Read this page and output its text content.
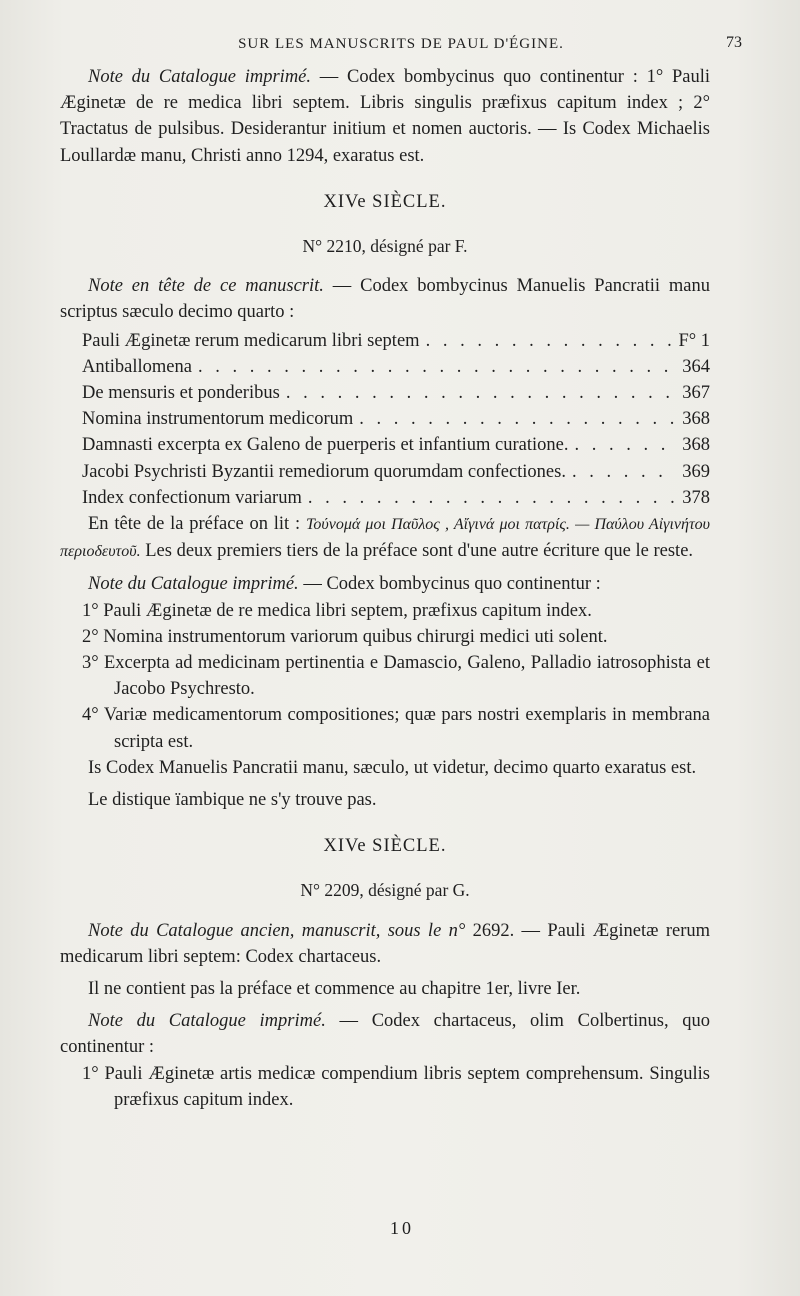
SUR LES MANUSCRITS DE PAUL D'ÉGINE.	73

Note du Catalogue imprimé. — Codex bombycinus quo continentur : 1° Pauli Æginetæ de re medica libri septem. Libris singulis præfixus capitum index ; 2° Tractatus de pulsibus. Desiderantur initium et nomen auctoris. — Is Codex Michaelis Loullardæ manu, Christi anno 1294, exaratus est.

XIVe SIÈCLE.
N° 2210, désigné par F.

Note en tête de ce manuscrit. — Codex bombycinus Manuelis Pancratii manu scriptus sæculo decimo quarto :

Pauli Æginetæ rerum medicarum libri septem . . .	F° 1
Antiballomena . . .	364
De mensuris et ponderibus . . .	367
Nomina instrumentorum medicorum . . .	368
Damnasti excerpta ex Galeno de puerperis et infantium curatione. . . .	368
Jacobi Psychristi Byzantii remediorum quorumdam confectiones. . . .	369
Index confectionum variarum . . .	378

En tête de la préface on lit : Τούνομά μοι Παῦλος , Αἴγινά μοι πατρίς. — Παύλου Αἰγινήτου περιοδευτοῦ. Les deux premiers tiers de la préface sont d'une autre écriture que le reste.

Note du Catalogue imprimé. — Codex bombycinus quo continentur :

1° Pauli Æginetæ de re medica libri septem, præfixus capitum index.

2° Nomina instrumentorum variorum quibus chirurgi medici uti solent.

3° Excerpta ad medicinam pertinentia e Damascio, Galeno, Palladio iatrosophista et Jacobo Psychresto.

4° Variæ medicamentorum compositiones; quæ pars nostri exemplaris in membrana scripta est.

Is Codex Manuelis Pancratii manu, sæculo, ut videtur, decimo quarto exaratus est.

Le distique ïambique ne s'y trouve pas.

XIVe SIÈCLE.
N° 2209, désigné par G.

Note du Catalogue ancien, manuscrit, sous le n° 2692. — Pauli Æginetæ rerum medicarum libri septem: Codex chartaceus.

Il ne contient pas la préface et commence au chapitre 1er, livre Ier.

Note du Catalogue imprimé. — Codex chartaceus, olim Colbertinus, quo continentur :

1° Pauli Æginetæ artis medicæ compendium libris septem comprehensum. Singulis præfixus capitum index.

10
